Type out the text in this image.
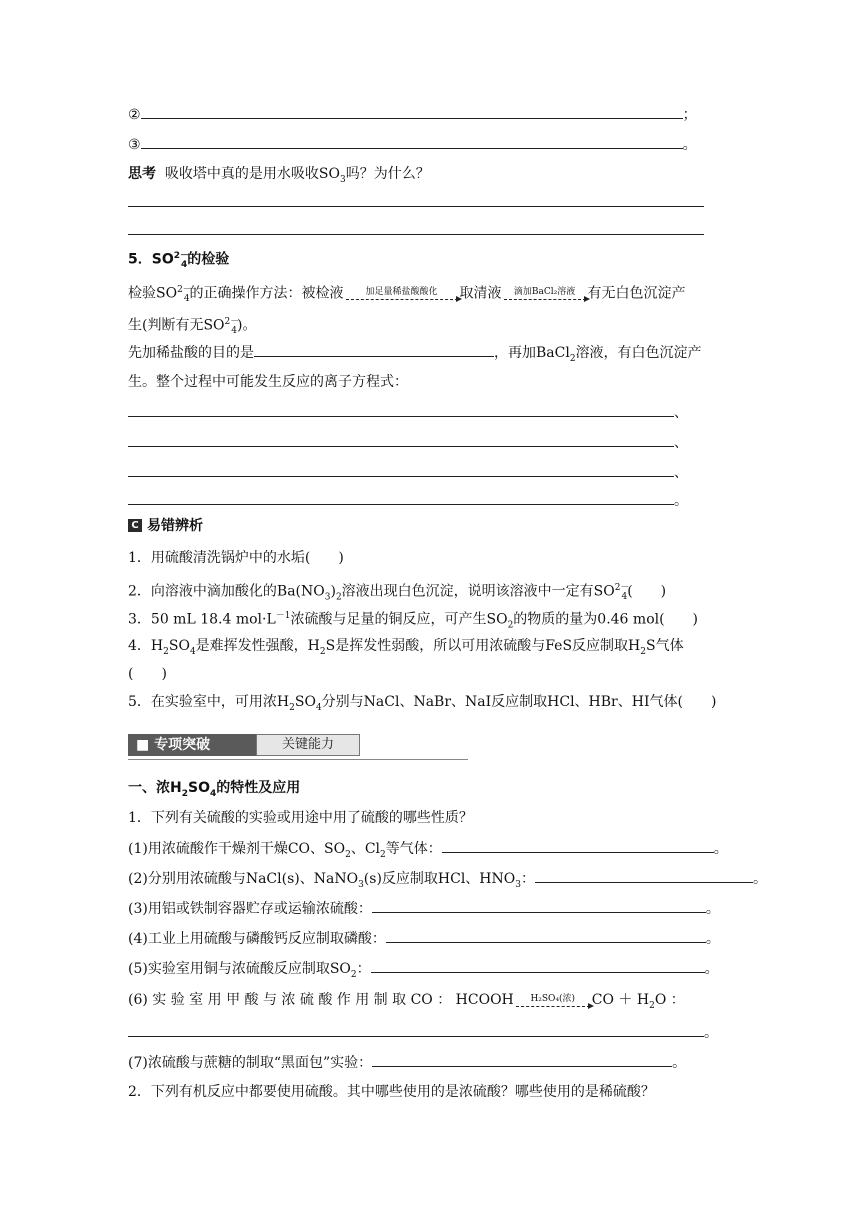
②	；
③	。
思考 吸收塔中真的是用水吸收$SO_3$吗？为什么？
5．$SO^{2-}_4$的检验
检验$SO^{2-}_4$的正确操作方法：被检液	加足量稀盐酸酸化	取清液	滴加BaCl₂溶液 有无白色沉淀产
生(判断有无$SO^{2-}_4$)。
先加稀盐酸的目的是	，再加BaCl$_2$溶液，有白色沉淀产
生。整个过程中可能发生反应的离子方程式：
、
、
、
。
C 易错辨析
1．用硫酸清洗锅炉中的水垢(　　)
2．向溶液中滴加酸化的$Ba(NO_3)_2$溶液出现白色沉淀，说明该溶液中一定有$SO^{2-}_4$(　　)
3．50 mL 18.4 $mol\cdot L^{-1}$浓硫酸与足量的铜反应，可产生$SO_2$的物质的量为0.46 mol(　　)
4．$H_2SO_4$是难挥发性强酸，$H_2S$是挥发性弱酸，所以可用浓硫酸与FeS反应制取$H_2S$气体
(　　)
5．在实验室中，可用浓$H_2SO_4$分别与NaCl、NaBr、NaI反应制取HCl、HBr、HI气体(　　)
■ 专项突破	关键能力
一、浓$H_2SO_4$的特性及应用
1．下列有关硫酸的实验或用途中用了硫酸的哪些性质？
(1)用浓硫酸作干燥剂干燥CO、$SO_2$、$Cl_2$等气体：	。
(2)分别用浓硫酸与NaCl(s)、NaNO$_3$(s)反应制取HCl、$HNO_3$：	。
(3)用铝或铁制容器贮存或运输浓硫酸：	。
(4)工业上用硫酸与磷酸钙反应制取磷酸：	。
(5)实验室用铜与浓硫酸反应制取$SO_2$：	。
(6) 实 验 室 用 甲 酸 与 浓 硫 酸 作 用 制 取 CO ： HCOOH	H₂SO₄(浓)	CO ＋ $H_2O$ ：
。
(7)浓硫酸与蔗糖的制取“黑面包”实验：	。
2．下列有机反应中都要使用硫酸。其中哪些使用的是浓硫酸？哪些使用的是稀硫酸？
